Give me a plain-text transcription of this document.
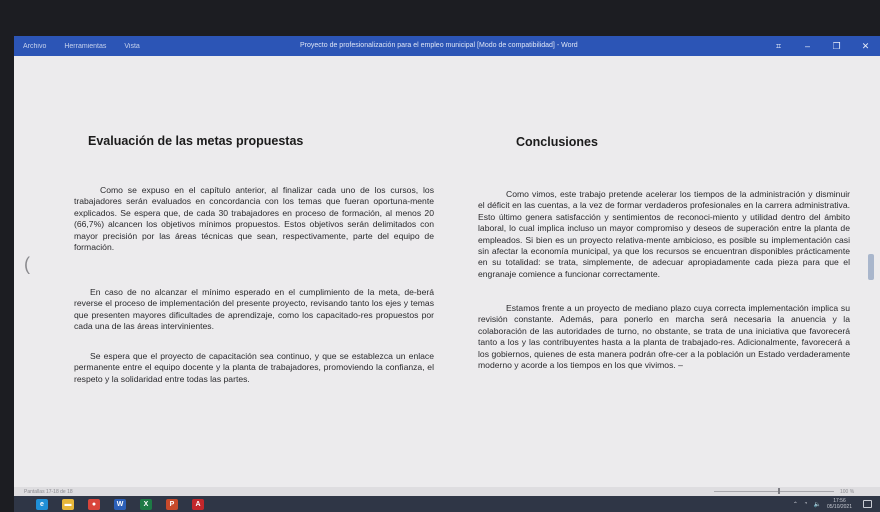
Archivo	Herramientas	Vista	Proyecto de profesionalización para el empleo municipal [Modo de compatibilidad] - Word	⌗	–	❐	✕
(
Evaluación de las metas propuestas

Como se expuso en el capítulo anterior, al finalizar cada uno de los cursos, los trabajadores serán evaluados en concordancia con los temas que fueran oportuna-mente explicados. Se espera que, de cada 30 trabajadores en proceso de formación, al menos 20 (66,7%) alcancen los objetivos mínimos propuestos. Estos objetivos serán delimitados con mayor precisión por las áreas técnicas que sean, respectivamente, parte del equipo de formación.

En caso de no alcanzar el mínimo esperado en el cumplimiento de la meta, de-berá reverse el proceso de implementación del presente proyecto, revisando tanto los ejes y temas que presenten mayores dificultades de aprendizaje, como los capacitado-res propuestos por cada una de las áreas intervinientes.

Se espera que el proyecto de capacitación sea continuo, y que se establezca un enlace permanente entre el equipo docente y la planta de trabajadores, promoviendo la confianza, el respeto y la solidaridad entre todas las partes.

Conclusiones

Como vimos, este trabajo pretende acelerar los tiempos de la administración y disminuir el déficit en las cuentas, a la vez de formar verdaderos profesionales en la carrera administrativa. Esto último genera satisfacción y sentimientos de reconoci-miento y utilidad dentro del ámbito laboral, lo cual implica incluso un mayor compromiso y deseos de superación entre la planta de empleados. Si bien es un proyecto relativa-mente ambicioso, es posible su implementación casi sin afectar la economía municipal, ya que los recursos se encuentran disponibles prácticamente en su totalidad: se trata, simplemente, de adecuar apropiadamente cada pieza para que el engranaje comience a funcionar correctamente.

Estamos frente a un proyecto de mediano plazo cuya correcta implementación implica su revisión constante. Además, para ponerlo en marcha será necesaria la anuencia y la colaboración de las autoridades de turno, no obstante, se trata de una iniciativa que favorecerá tanto a los y las contribuyentes hasta a la planta de trabajado-res. Adicionalmente, favorecerá a los gobiernos, quienes de esta manera podrán ofre-cer a la población un Estado verdaderamente moderno y acorde a los tiempos en los que vivimos. –

Pantallas 17-18 de 18	100 %
e	▬	●	W	X	P	A	⌃ ◔ 🔈
17:56
05/10/2021
